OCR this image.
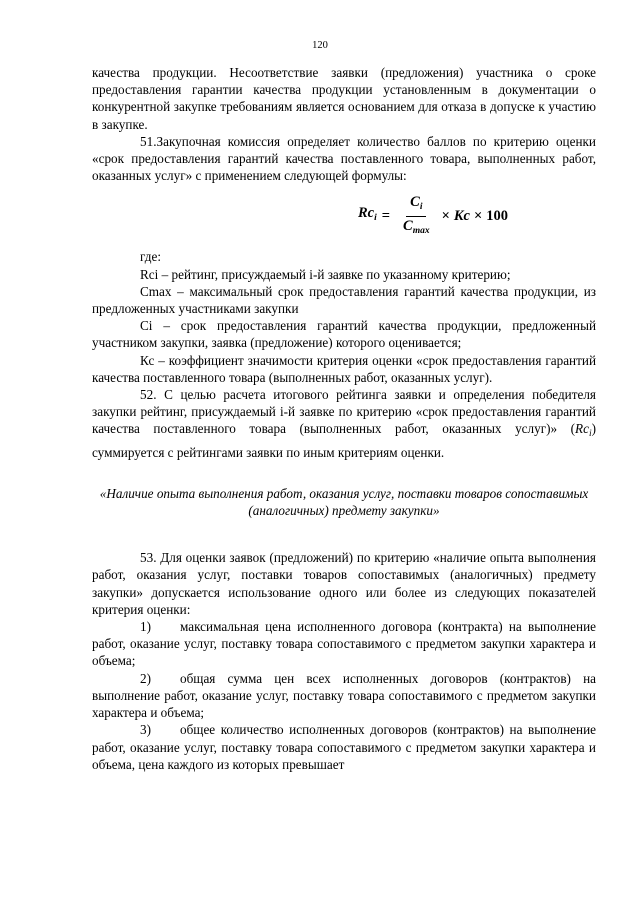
120

качества продукции. Несоответствие заявки (предложения) участника о сроке предоставления гарантии качества продукции установленным в документации о конкурентной закупке требованиям является основанием для отказа в допуске к участию в закупке.

51.Закупочная комиссия определяет количество баллов по критерию оценки «срок предоставления гарантий качества поставленного товара, выполненных работ, оказанных услуг» с применением следующей формулы:

$Rc_i = \frac{C_i}{C_{max}} \times Kc \times 100$

где:

Rci – рейтинг, присуждаемый i-й заявке по указанному критерию;

Cmax – максимальный срок предоставления гарантий качества продукции, из предложенных участниками закупки

Ci – срок предоставления гарантий качества продукции, предложенный участником закупки, заявка (предложение) которого оценивается;

Кс – коэффициент значимости критерия оценки «срок предоставления гарантий качества поставленного товара (выполненных работ, оказанных услуг).

52. С целью расчета итогового рейтинга заявки и определения победителя закупки рейтинг, присуждаемый i-й заявке по критерию «срок предоставления гарантий качества поставленного товара (выполненных работ, оказанных услуг)» $(Rc_i)$ суммируется с рейтингами заявки по иным критериям оценки.

«Наличие опыта выполнения работ, оказания услуг, поставки товаров сопоставимых (аналогичных) предмету закупки»

53. Для оценки заявок (предложений) по критерию «наличие опыта выполнения работ, оказания услуг, поставки товаров сопоставимых (аналогичных) предмету закупки» допускается использование одного или более из следующих показателей критерия оценки:

1) максимальная цена исполненного договора (контракта) на выполнение работ, оказание услуг, поставку товара сопоставимого с предметом закупки характера и объема;

2) общая сумма цен всех исполненных договоров (контрактов) на выполнение работ, оказание услуг, поставку товара сопоставимого с предметом закупки характера и объема;

3) общее количество исполненных договоров (контрактов) на выполнение работ, оказание услуг, поставку товара сопоставимого с предметом закупки характера и объема, цена каждого из которых превышает
